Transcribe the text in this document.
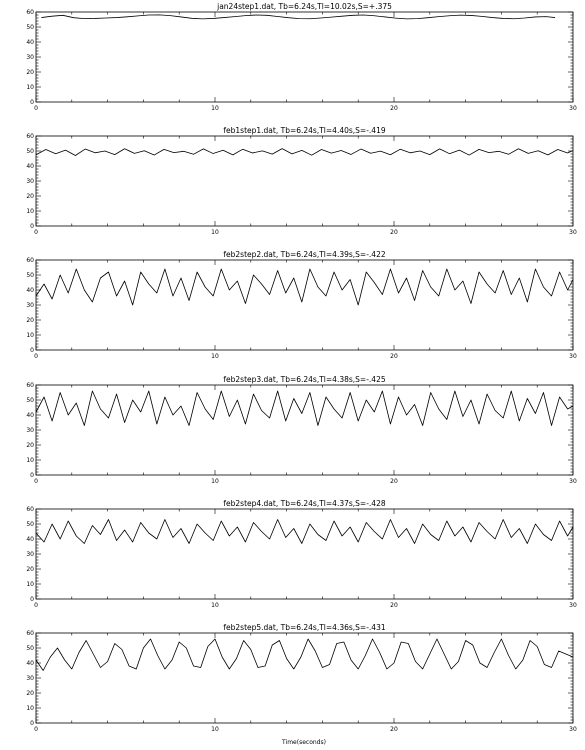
jan24step1.dat, Tb=6.24s,Tl=10.02s,S=+.375
0	10	20	30
0
10
20
30
40
50
60
feb1step1.dat, Tb=6.24s,Tl=4.40s,S=-.419
0	10	20	30
0
10
20
30
40
50
60
feb2step2.dat, Tb=6.24s,Tl=4.39s,S=-.422
0	10	20	30
0
10
20
30
40
50
60
feb2step3.dat, Tb=6.24s,Tl=4.38s,S=-.425
0	10	20	30
0
10
20
30
40
50
60
feb2step4.dat, Tb=6.24s,Tl=4.37s,S=-.428
0	10	20	30
0
10
20
30
40
50
60
feb2step5.dat, Tb=6.24s,Tl=4.36s,S=-.431
0	10	20	30
0
10
20
30
40
50
60
Time(seconds)
